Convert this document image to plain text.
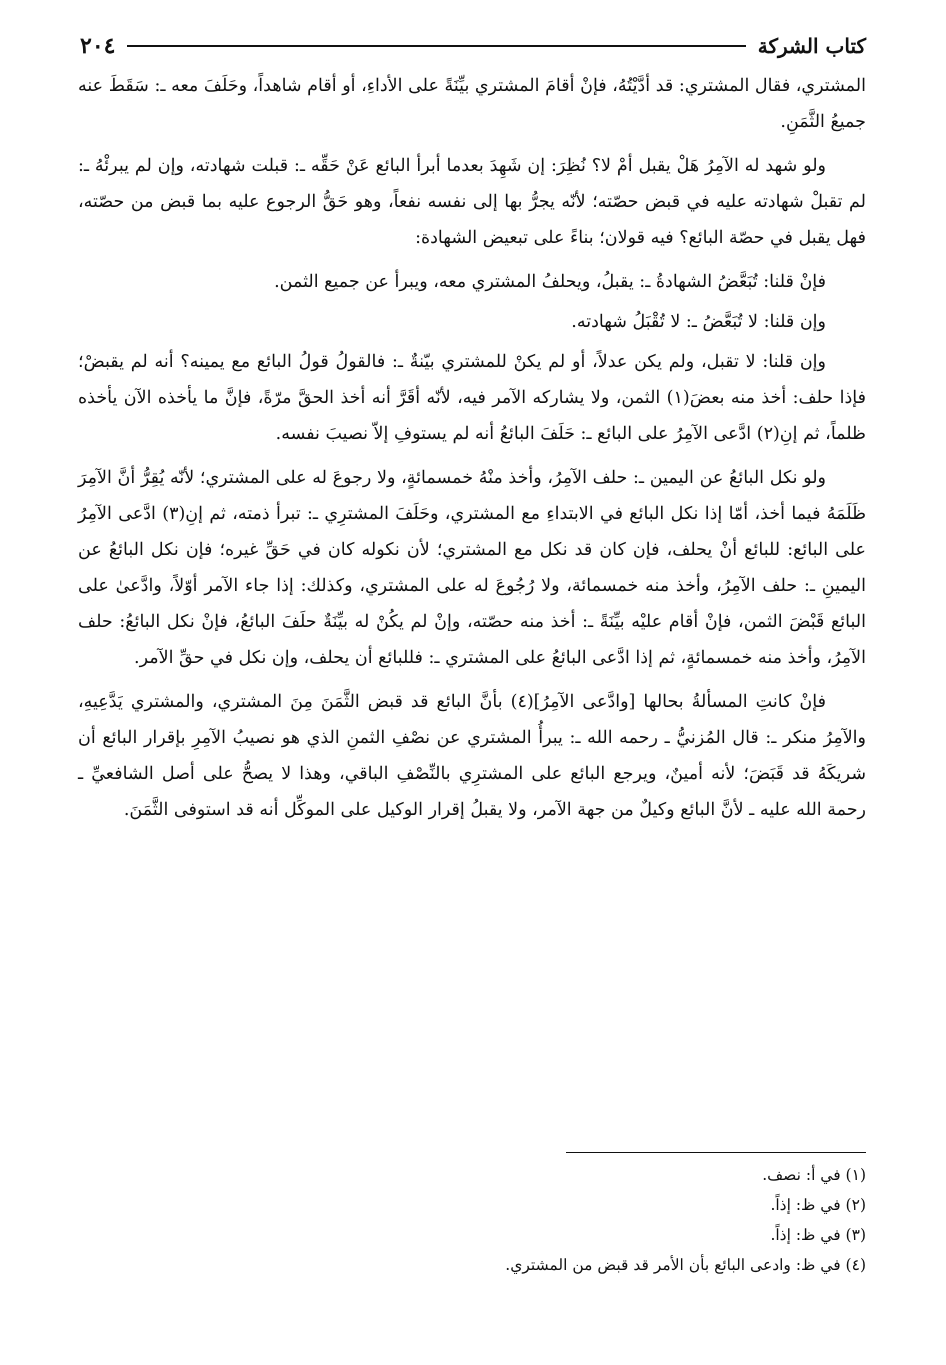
كتاب الشركة
٢٠٤

المشتري، فقال المشتري: قد أدَّيْتُهُ، فإنْ أقامَ المشتري بيِّنَةً على الأداءِ، أو أقام شاهداً، وحَلَفَ معه ـ: سَقَطَ عنه جميعُ الثَّمَنِ.

ولو شهد له الآمِرُ هَلْ يقبل أمْ لا؟ نُظِرَ: إن شَهِدَ بعدما أبرأ البائع عَنْ حَقِّه ـ: قبلت شهادته، وإن لم يبرئْهُ ـ: لم تقبلْ شهادته عليه في قبض حصّته؛ لأنّه يجرُّ بها إلى نفسه نفعاً، وهو حَقُّ الرجوع عليه بما قبض من حصّته، فهل يقبل في حصّة البائع؟ فيه قولان؛ بناءً على تبعيض الشهادة:

فإنْ قلنا: تُبَعَّضُ الشهادةُ ـ: يقبلُ، ويحلفُ المشتري معه، ويبرأ عن جميع الثمن.

وإن قلنا: لا تُبَعَّضُ ـ: لا تُقْبَلُ شهادته.

وإن قلنا: لا تقبل، ولم يكن عدلاً، أو لم يكنْ للمشتري بيّنةٌ ـ: فالقولُ قولُ البائع مع يمينه؟ أنه لم يقبضْ؛ فإذا حلف: أخذ منه بعضَ(١) الثمن، ولا يشاركه الآمر فيه، لأنّه أقَرَّ أنه أخذ الحقَّ مرّةً، فإنَّ ما يأخذه الآن يأخذه ظلماً، ثم إنِ(٢) ادَّعى الآمِرُ على البائع ـ: حَلَفَ البائعُ أنه لم يستوفِ إلاّ نصيبَ نفسه.

ولو نكل البائعُ عن اليمين ـ: حلف الآمِرُ، وأخذ منْهُ خمسمائةٍ، ولا رجوعَ له على المشتري؛ لأنّه يُقِرُّ أنَّ الآمِرَ ظَلَمَهُ فيما أخذ، أمّا إذا نكل البائع في الابتداءِ مع المشتري، وحَلَفَ المشترِي ـ: تبرأ ذمته، ثم إنِ(٣) ادَّعى الآمِرُ على البائع: للبائع أنْ يحلف، فإن كان قد نكل مع المشتري؛ لأن نكوله كان في حَقِّ غيره؛ فإن نكل البائعُ عن اليمينِ ـ: حلف الآمِرُ، وأخذ منه خمسمائة، ولا رُجُوعَ له على المشتري، وكذلك: إذا جاء الآمر أوّلاً، وادَّعىٰ على البائع قَبْضَ الثمن، فإنْ أقام عليْه بيِّنَةً ـ: أخذ منه حصّته، وإنْ لم يكُنْ له بيِّنَةٌ حلَفَ البائعُ، فإنْ نكل البائعُ: حلف الآمِرُ، وأخذ منه خمسمائةٍ، ثم إذا ادَّعى البائعُ على المشتري ـ: فللبائع أن يحلف، وإن نكل في حقِّ الآمر.

فإنْ كانتِ المسألةُ بحالها [وادَّعى الآمِرُ](٤) بأنَّ البائع قد قبض الثَّمَنَ مِنَ المشتري، والمشتري يَدَّعِيهِ، والآمِرُ منكر ـ: قال المُزنيُّ ـ رحمه الله ـ: يبرأُ المشتري عن نصْفِ الثمنِ الذي هو نصيبُ الآمِرِ بإقرار البائع أن شريكَهُ قد قَبَضَ؛ لأنه أمينٌ، ويرجع البائع على المشترِي بالنِّصْفِ الباقي، وهذا لا يصحُّ على أصل الشافعيِّ ـ رحمة الله عليه ـ لأنَّ البائع وكيلٌ من جهة الآمر، ولا يقبلُ إقرار الوكيل على الموكِّل أنه قد استوفى الثَّمَنَ.

(١) في أ: نصف.
(٢) في ظ: إذاً.
(٣) في ظ: إذاً.
(٤) في ظ: وادعى البائع بأن الأمر قد قبض من المشتري.
